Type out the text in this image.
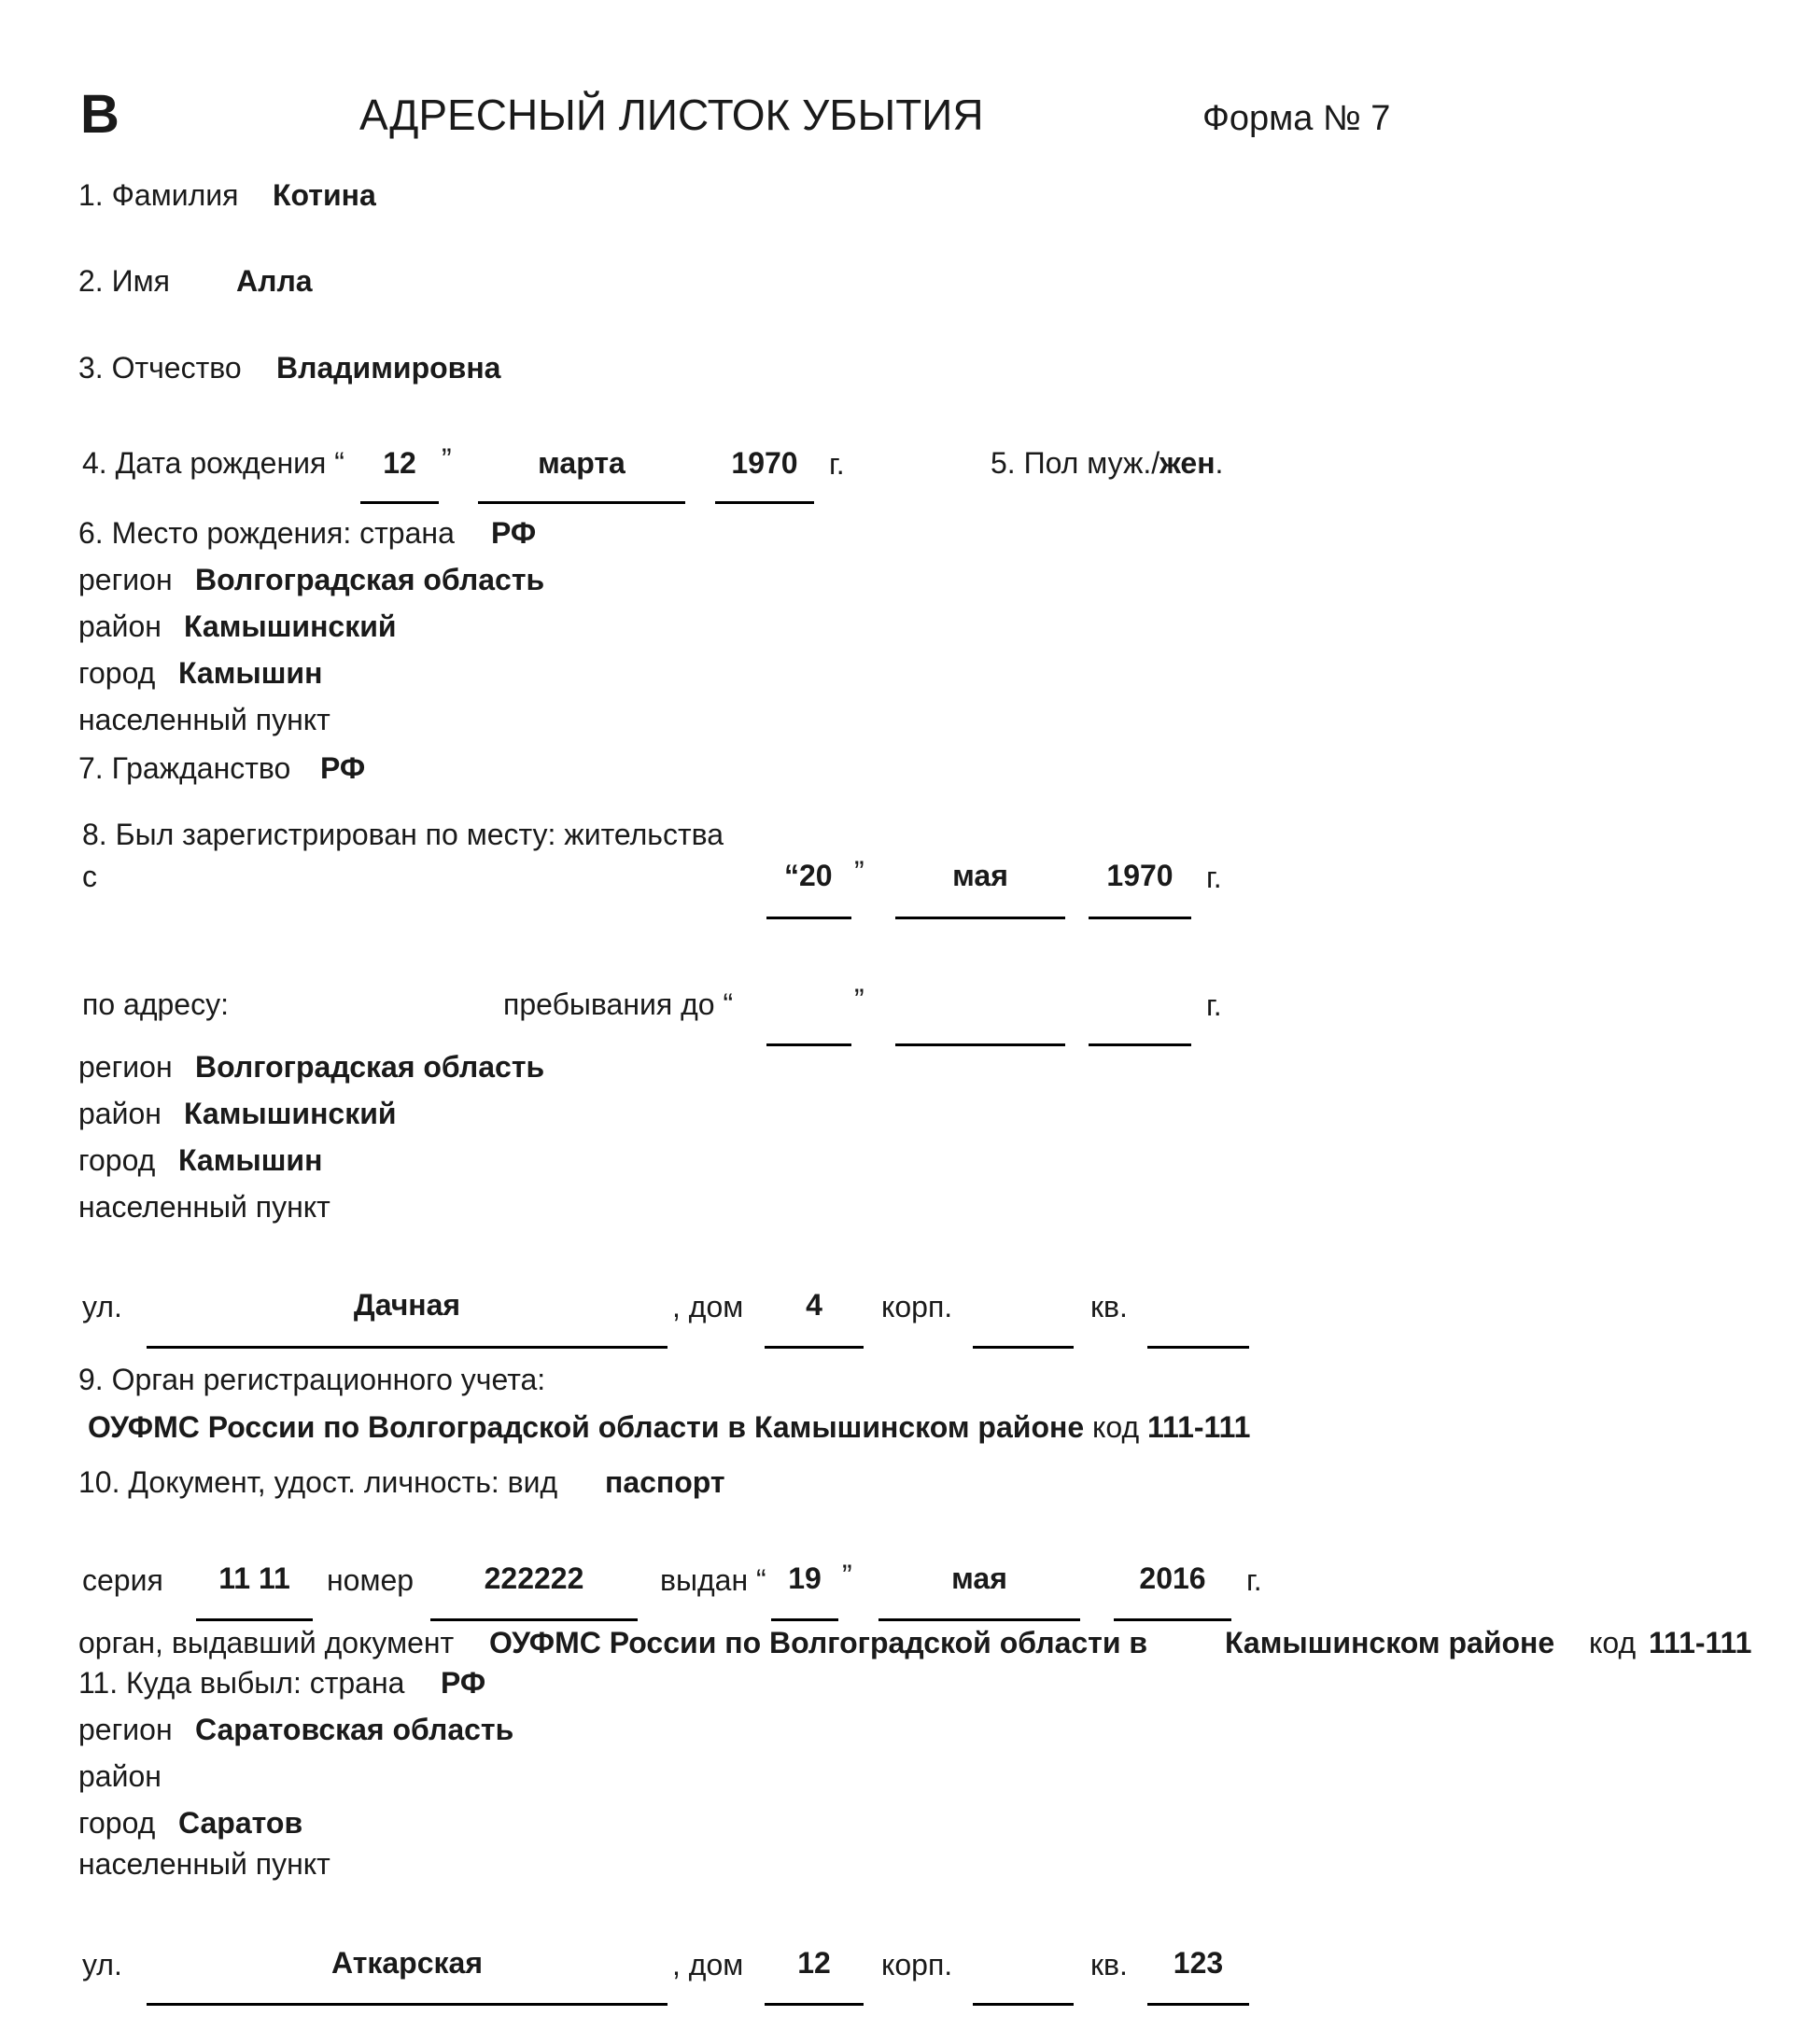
В	АДРЕСНЫЙ ЛИСТОК УБЫТИЯ	Форма № 7
1. Фамилия Котина
2. Имя Алла
3. Отчество Владимировна
4. Дата рождения “	12 ”	марта	1970	г.	5. Пол муж./жен.
6. Место рождения: страна РФ
регион Волгоградская область
район Камышинский
город Камышин
населенный пункт
7. Гражданство РФ
8. Был зарегистрирован по месту: жительства
с	“20 ”	мая	1970	г.
по адресу:	пребывания до “	”	г.
регион Волгоградская область
район Камышинский
город Камышин
населенный пункт
ул.	Дачная	, дом	4	корп.	кв.
9. Орган регистрационного учета:
ОУФМС России по Волгоградской области в Камышинском районе код 111-111
10. Документ, удост. личность: вид паспорт
серия	11 11	номер	222222	выдан “ 19 ”	мая	2016	г.
орган, выдавший документ ОУФМС России по Волгоградской области в	Камышинском районе код 111-111
11. Куда выбыл: страна РФ
регион Саратовская область
район
город Саратов
населенный пункт
ул.	Аткарская	, дом	12	корп.	кв.	123
